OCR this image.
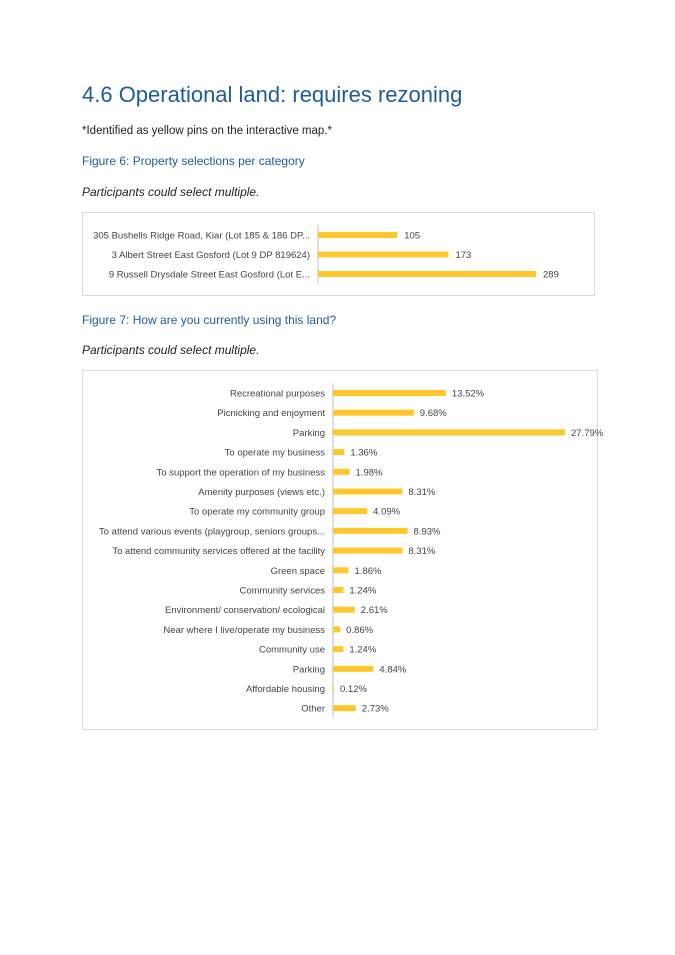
4.6 Operational land: requires rezoning
*Identified as yellow pins on the interactive map.*
Figure 6: Property selections per category
Participants could select multiple.
305 Bushells Ridge Road, Kiar (Lot 185 & 186 DP...	105
3 Albert Street East Gosford (Lot 9 DP 819624)	173
9 Russell Drysdale Street East Gosford (Lot E...	289
Figure 7: How are you currently using this land?
Participants could select multiple.
Recreational purposes	13.52%
Picnicking and enjoyment	9.68%
Parking	27.79%
To operate my business	1.36%
To support the operation of my business	1.98%
Amenity purposes (views etc.)	8.31%
To operate my community group	4.09%
To attend various events (playgroup, seniors groups...	8.93%
To attend community services offered at the facility	8.31%
Green space	1.86%
Community services	1.24%
Environment/ conservation/ ecological	2.61%
Near where I live/operate my business 0.86%
Community use	1.24%
Parking	4.84%
Affordable housing 0.12%
Other	2.73%
